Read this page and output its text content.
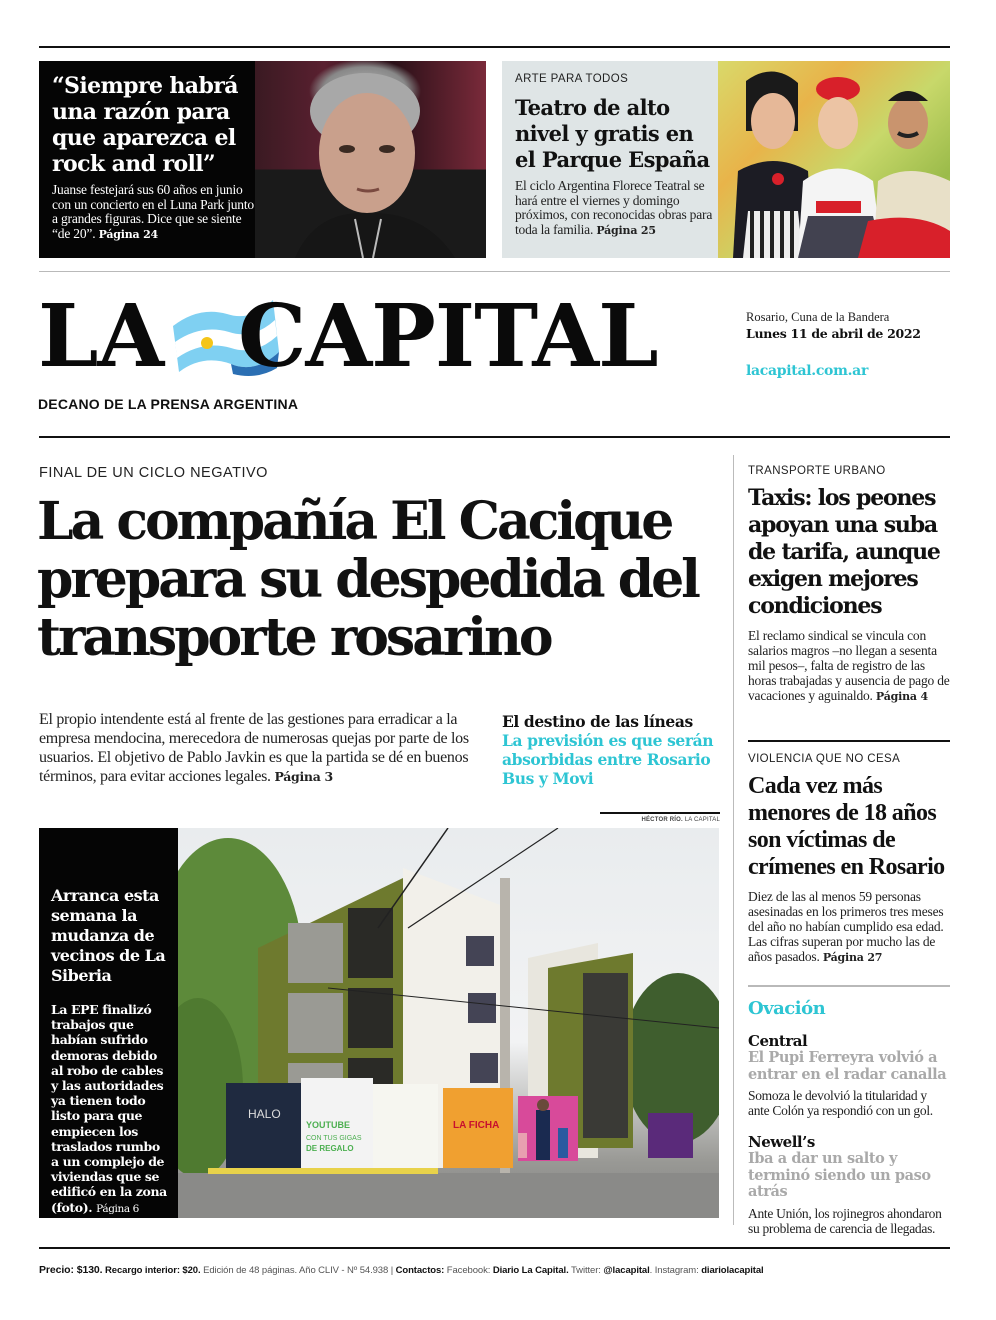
“Siempre habrá una razón para que aparezca el rock and roll”

Juanse festejará sus 60 años en junio con un concierto en el Luna Park junto a grandes figuras. Dice que se siente “de 20”. Página 24

ARTE PARA TODOS
Teatro de alto nivel y gratis en el Parque España

El ciclo Argentina Florece Teatral se hará entre el viernes y domingo próximos, con reconocidas obras para toda la familia. Página 25

LA CAPITAL
DECANO DE LA PRENSA ARGENTINA
Rosario, Cuna de la Bandera
Lunes 11 de abril de 2022
lacapital.com.ar
FINAL DE UN CICLO NEGATIVO
La compañía El Cacique prepara su despedida del transporte rosarino

El propio intendente está al frente de las gestiones para erradicar a la empresa mendocina, merecedora de numerosas quejas por parte de los usuarios. El objetivo de Pablo Javkin es que la partida se dé en buenos términos, para evitar acciones legales. Página 3

El destino de las líneas
La previsión es que serán absorbidas entre Rosario Bus y Movi
HÉCTOR RÍO. LA CAPITAL
Arranca esta semana la mudanza de vecinos de La Siberia

La EPE finalizó trabajos que habían sufrido demoras debido al robo de cables y las autoridades ya tienen todo listo para que empiecen los traslados rumbo a un complejo de viviendas que se edificó en la zona (foto). Página 6

HALO
YOUTUBE
CON TUS GIGAS
DE REGALO
LA FICHA
TRANSPORTE URBANO
Taxis: los peones apoyan una suba de tarifa, aunque exigen mejores condiciones

El reclamo sindical se vincula con salarios magros –no llegan a sesenta mil pesos–, falta de registro de las horas trabajadas y ausencia de pago de vacaciones y aguinaldo. Página 4

VIOLENCIA QUE NO CESA
Cada vez más menores de 18 años son víctimas de crímenes en Rosario

Diez de las al menos 59 personas asesinadas en los primeros tres meses del año no habían cumplido esa edad. Las cifras superan por mucho las de años pasados. Página 27

Ovación
Central
El Pupi Ferreyra volvió a entrar en el radar canalla
Somoza le devolvió la titularidad y ante Colón ya respondió con un gol.
Newell’s
Iba a dar un salto y terminó siendo un paso atrás
Ante Unión, los rojinegros ahondaron su problema de carencia de llegadas.
Precio: $130. Recargo interior: $20. Edición de 48 páginas. Año CLIV - Nº 54.938 | Contactos: Facebook: Diario La Capital. Twitter: @lacapital. Instagram: diariolacapital
